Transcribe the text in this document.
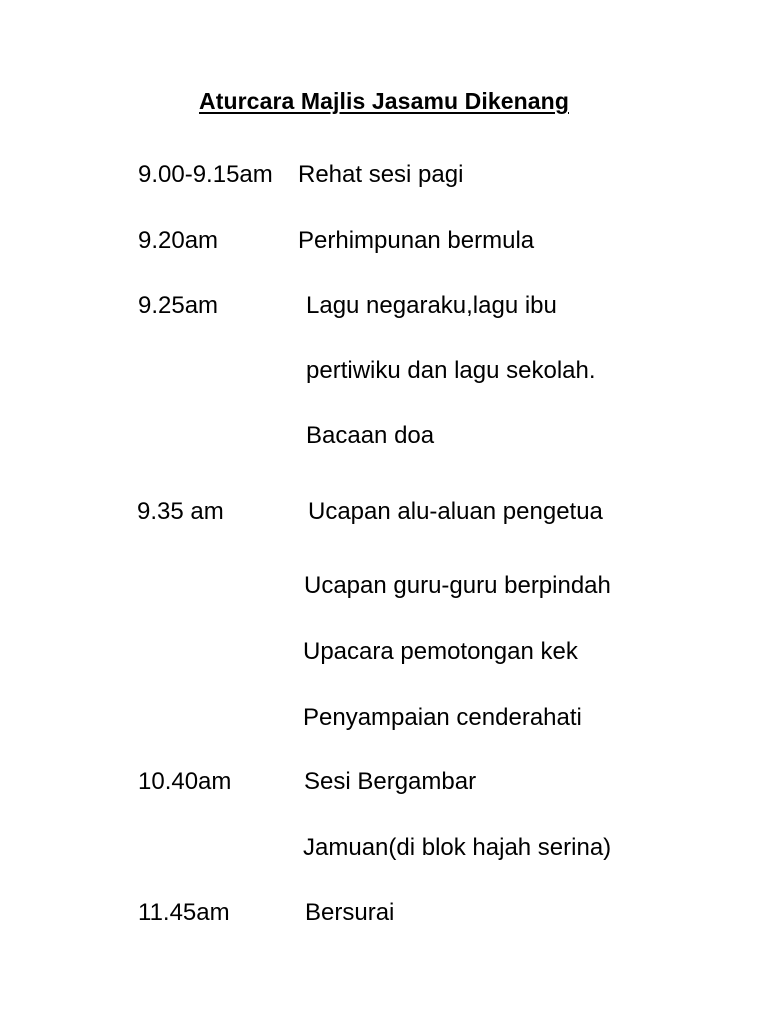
Aturcara Majlis Jasamu Dikenang
9.00-9.15am Rehat sesi pagi
9.20am	Perhimpunan bermula
9.25am	Lagu negaraku,lagu ibu
pertiwiku dan lagu sekolah.
Bacaan doa
9.35 am	Ucapan alu-aluan pengetua
Ucapan guru-guru berpindah
Upacara pemotongan kek
Penyampaian cenderahati
10.40am	Sesi Bergambar
Jamuan(di blok hajah serina)
11.45am	Bersurai
